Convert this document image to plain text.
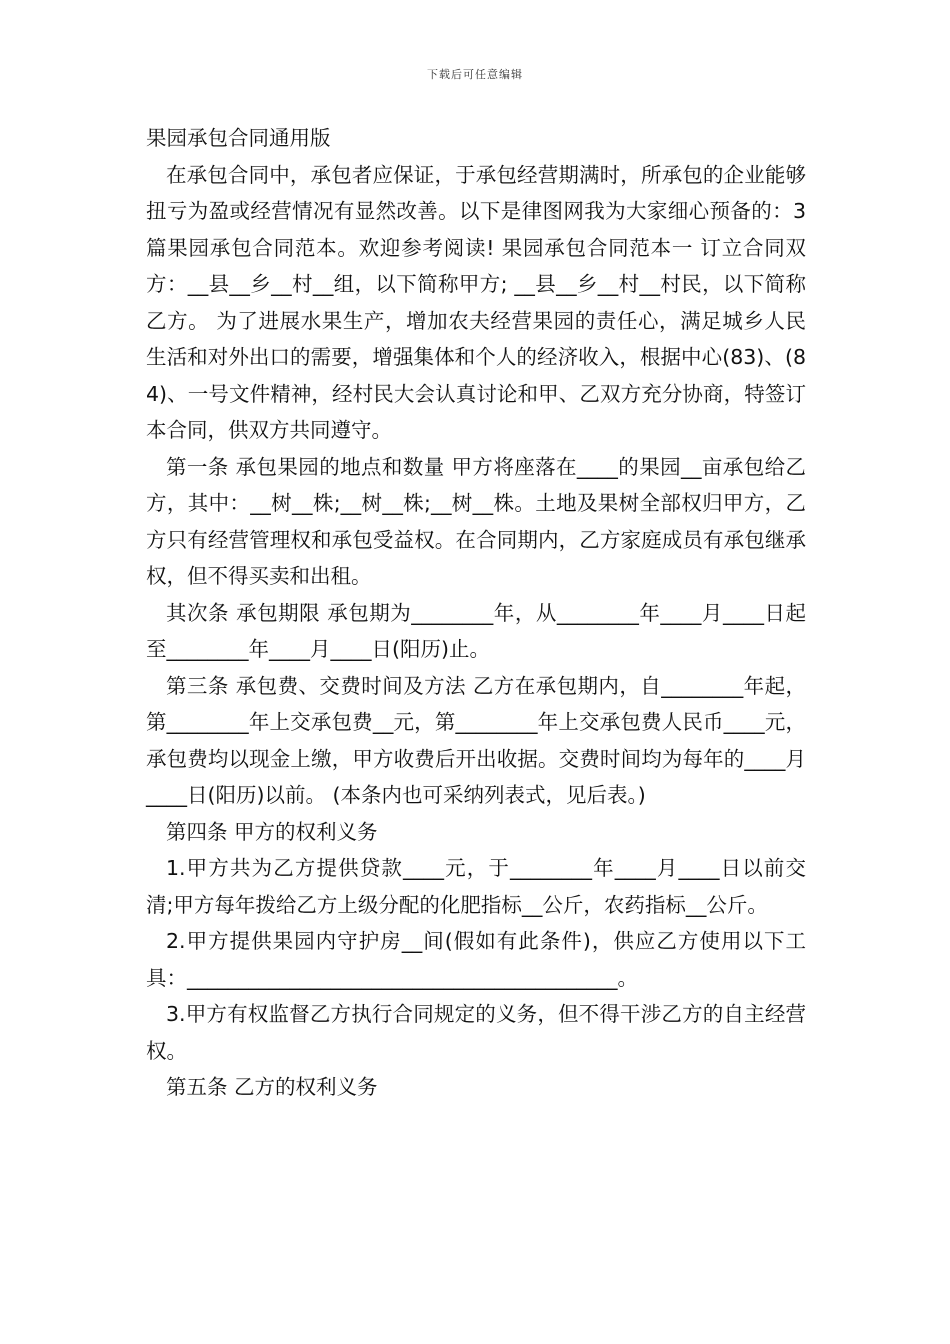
下载后可任意编辑

果园承包合同通用版

在承包合同中，承包者应保证，于承包经营期满时，所承包的企业能够扭亏为盈或经营情况有显然改善。以下是律图网我为大家细心预备的：3篇果园承包合同范本。欢迎参考阅读! 果园承包合同范本一 订立合同双方：__县__乡__村__组，以下简称甲方; __县__乡__村__村民，以下简称乙方。 为了进展水果生产，增加农夫经营果园的责任心，满足城乡人民生活和对外出口的需要，增强集体和个人的经济收入，根据中心(83)、(84)、一号文件精神，经村民大会认真讨论和甲、乙双方充分协商，特签订本合同，供双方共同遵守。

第一条 承包果园的地点和数量 甲方将座落在____的果园__亩承包给乙方，其中：__树__株;__树__株;__树__株。土地及果树全部权归甲方，乙方只有经营管理权和承包受益权。在合同期内，乙方家庭成员有承包继承权，但不得买卖和出租。

其次条 承包期限 承包期为________年，从________年____月____日起至________年____月____日(阳历)止。

第三条 承包费、交费时间及方法 乙方在承包期内，自________年起，第________年上交承包费__元，第________年上交承包费人民币____元，承包费均以现金上缴，甲方收费后开出收据。交费时间均为每年的____月____日(阳历)以前。 (本条内也可采纳列表式，见后表。)

第四条 甲方的权利义务

1.甲方共为乙方提供贷款____元，于________年____月____日以前交清;甲方每年拨给乙方上级分配的化肥指标__公斤，农药指标__公斤。

2.甲方提供果园内守护房__间(假如有此条件)，供应乙方使用以下工具：__________________________________________。

3.甲方有权监督乙方执行合同规定的义务，但不得干涉乙方的自主经营权。

第五条 乙方的权利义务
